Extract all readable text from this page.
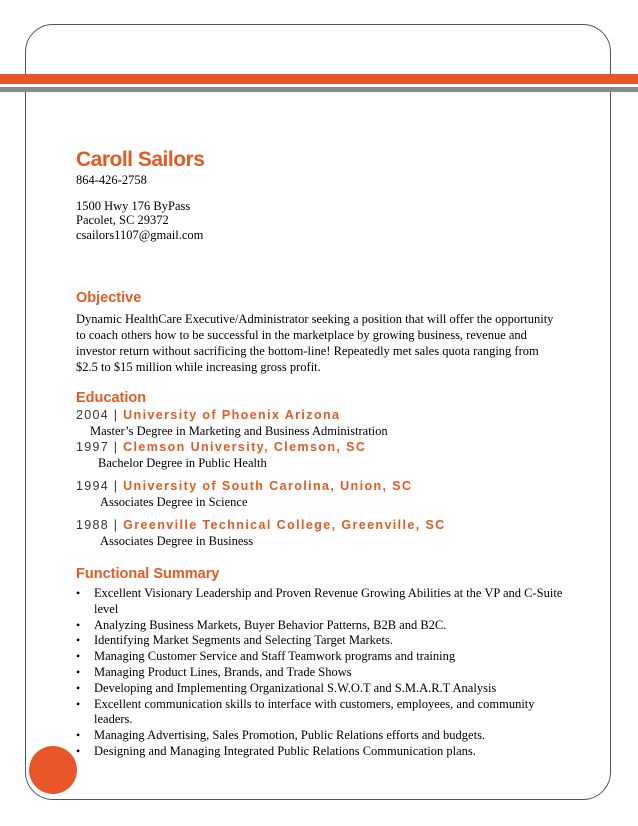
Caroll Sailors

864-426-2758

1500 Hwy 176 ByPass

Pacolet, SC 29372

csailors1107@gmail.com

Objective

Dynamic HealthCare Executive/Administrator seeking a position that will offer the opportunity
to coach others how to be successful in the marketplace by growing business, revenue and
investor return without sacrificing the bottom-line! Repeatedly met sales quota ranging from
$2.5 to $15 million while increasing gross profit.

Education

2004 | University of Phoenix Arizona

Master’s Degree in Marketing and Business Administration

1997 | Clemson University, Clemson, SC

Bachelor Degree in Public Health

1994 | University of South Carolina, Union, SC

Associates Degree in Science

1988 | Greenville Technical College, Greenville, SC

Associates Degree in Business

Functional Summary
• Excellent Visionary Leadership and Proven Revenue Growing Abilities at the VP and C-Suite
level
• Analyzing Business Markets, Buyer Behavior Patterns, B2B and B2C.
• Identifying Market Segments and Selecting Target Markets.
• Managing Customer Service and Staff Teamwork programs and training
• Managing Product Lines, Brands, and Trade Shows
• Developing and Implementing Organizational S.W.O.T and S.M.A.R.T Analysis
• Excellent communication skills to interface with customers, employees, and community
leaders.
• Managing Advertising, Sales Promotion, Public Relations efforts and budgets.
• Designing and Managing Integrated Public Relations Communication plans.
